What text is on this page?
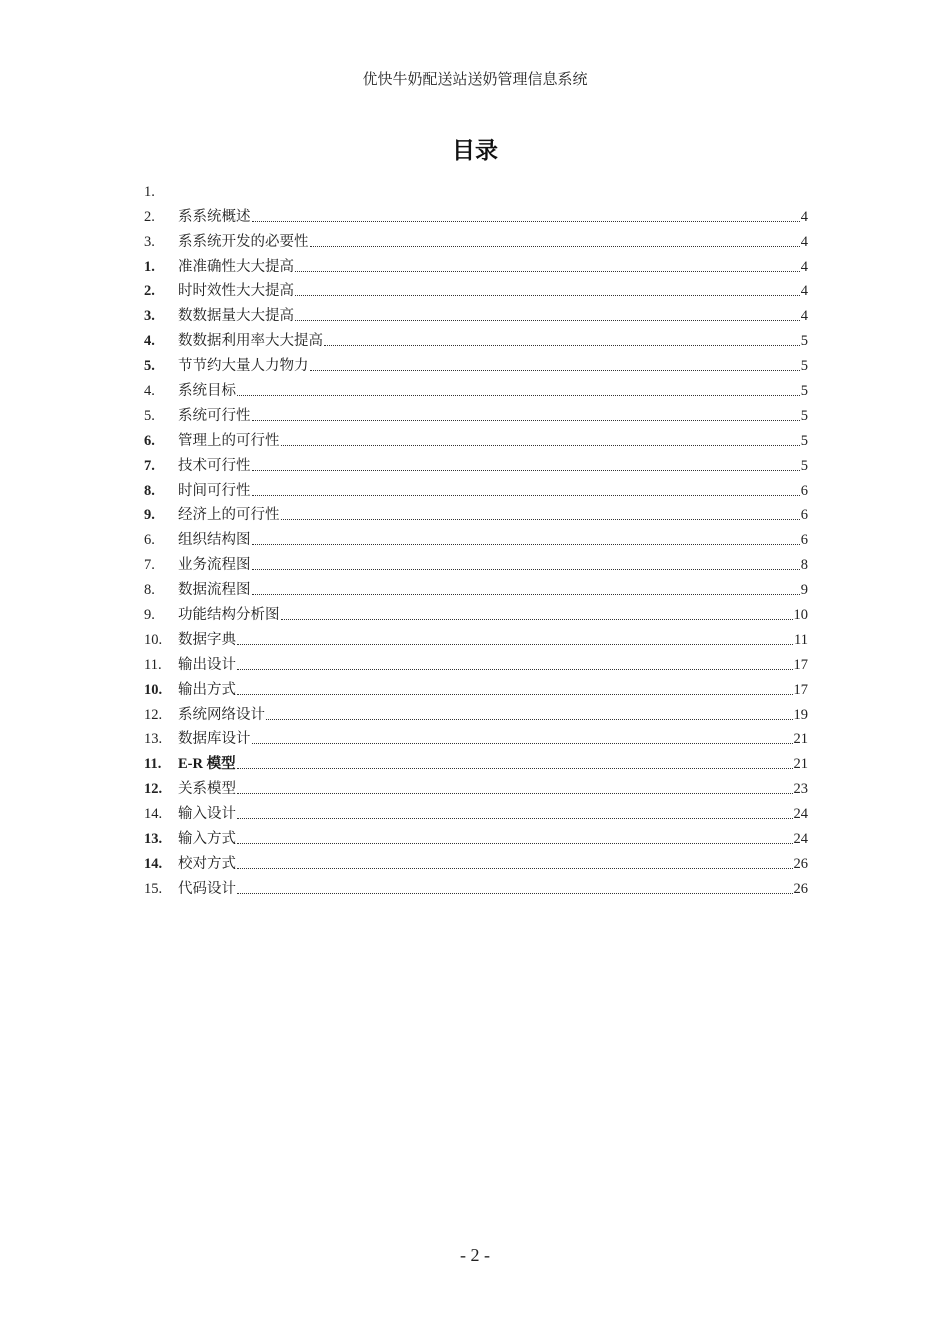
优快牛奶配送站送奶管理信息系统
目录
1.
2.	系系统概述	4
3.	系系统开发的必要性	4
1.	准准确性大大提高	4
2.	时时效性大大提高	4
3.	数数据量大大提高	4
4.	数数据利用率大大提高	5
5.	节节约大量人力物力	5
4.	系统目标	5
5.	系统可行性	5
6.	管理上的可行性	5
7.	技术可行性	5
8.	时间可行性	6
9.	经济上的可行性	6
6.	组织结构图	6
7.	业务流程图	8
8.	数据流程图	9
9.	功能结构分析图	10
10.	数据字典	11
11.	输出设计	17
10.	输出方式	17
12.	系统网络设计	19
13.	数据库设计	21
11.	E-R 模型	21
12.	关系模型	23
14.	输入设计	24
13.	输入方式	24
14.	校对方式	26
15.	代码设计	26
- 2 -
